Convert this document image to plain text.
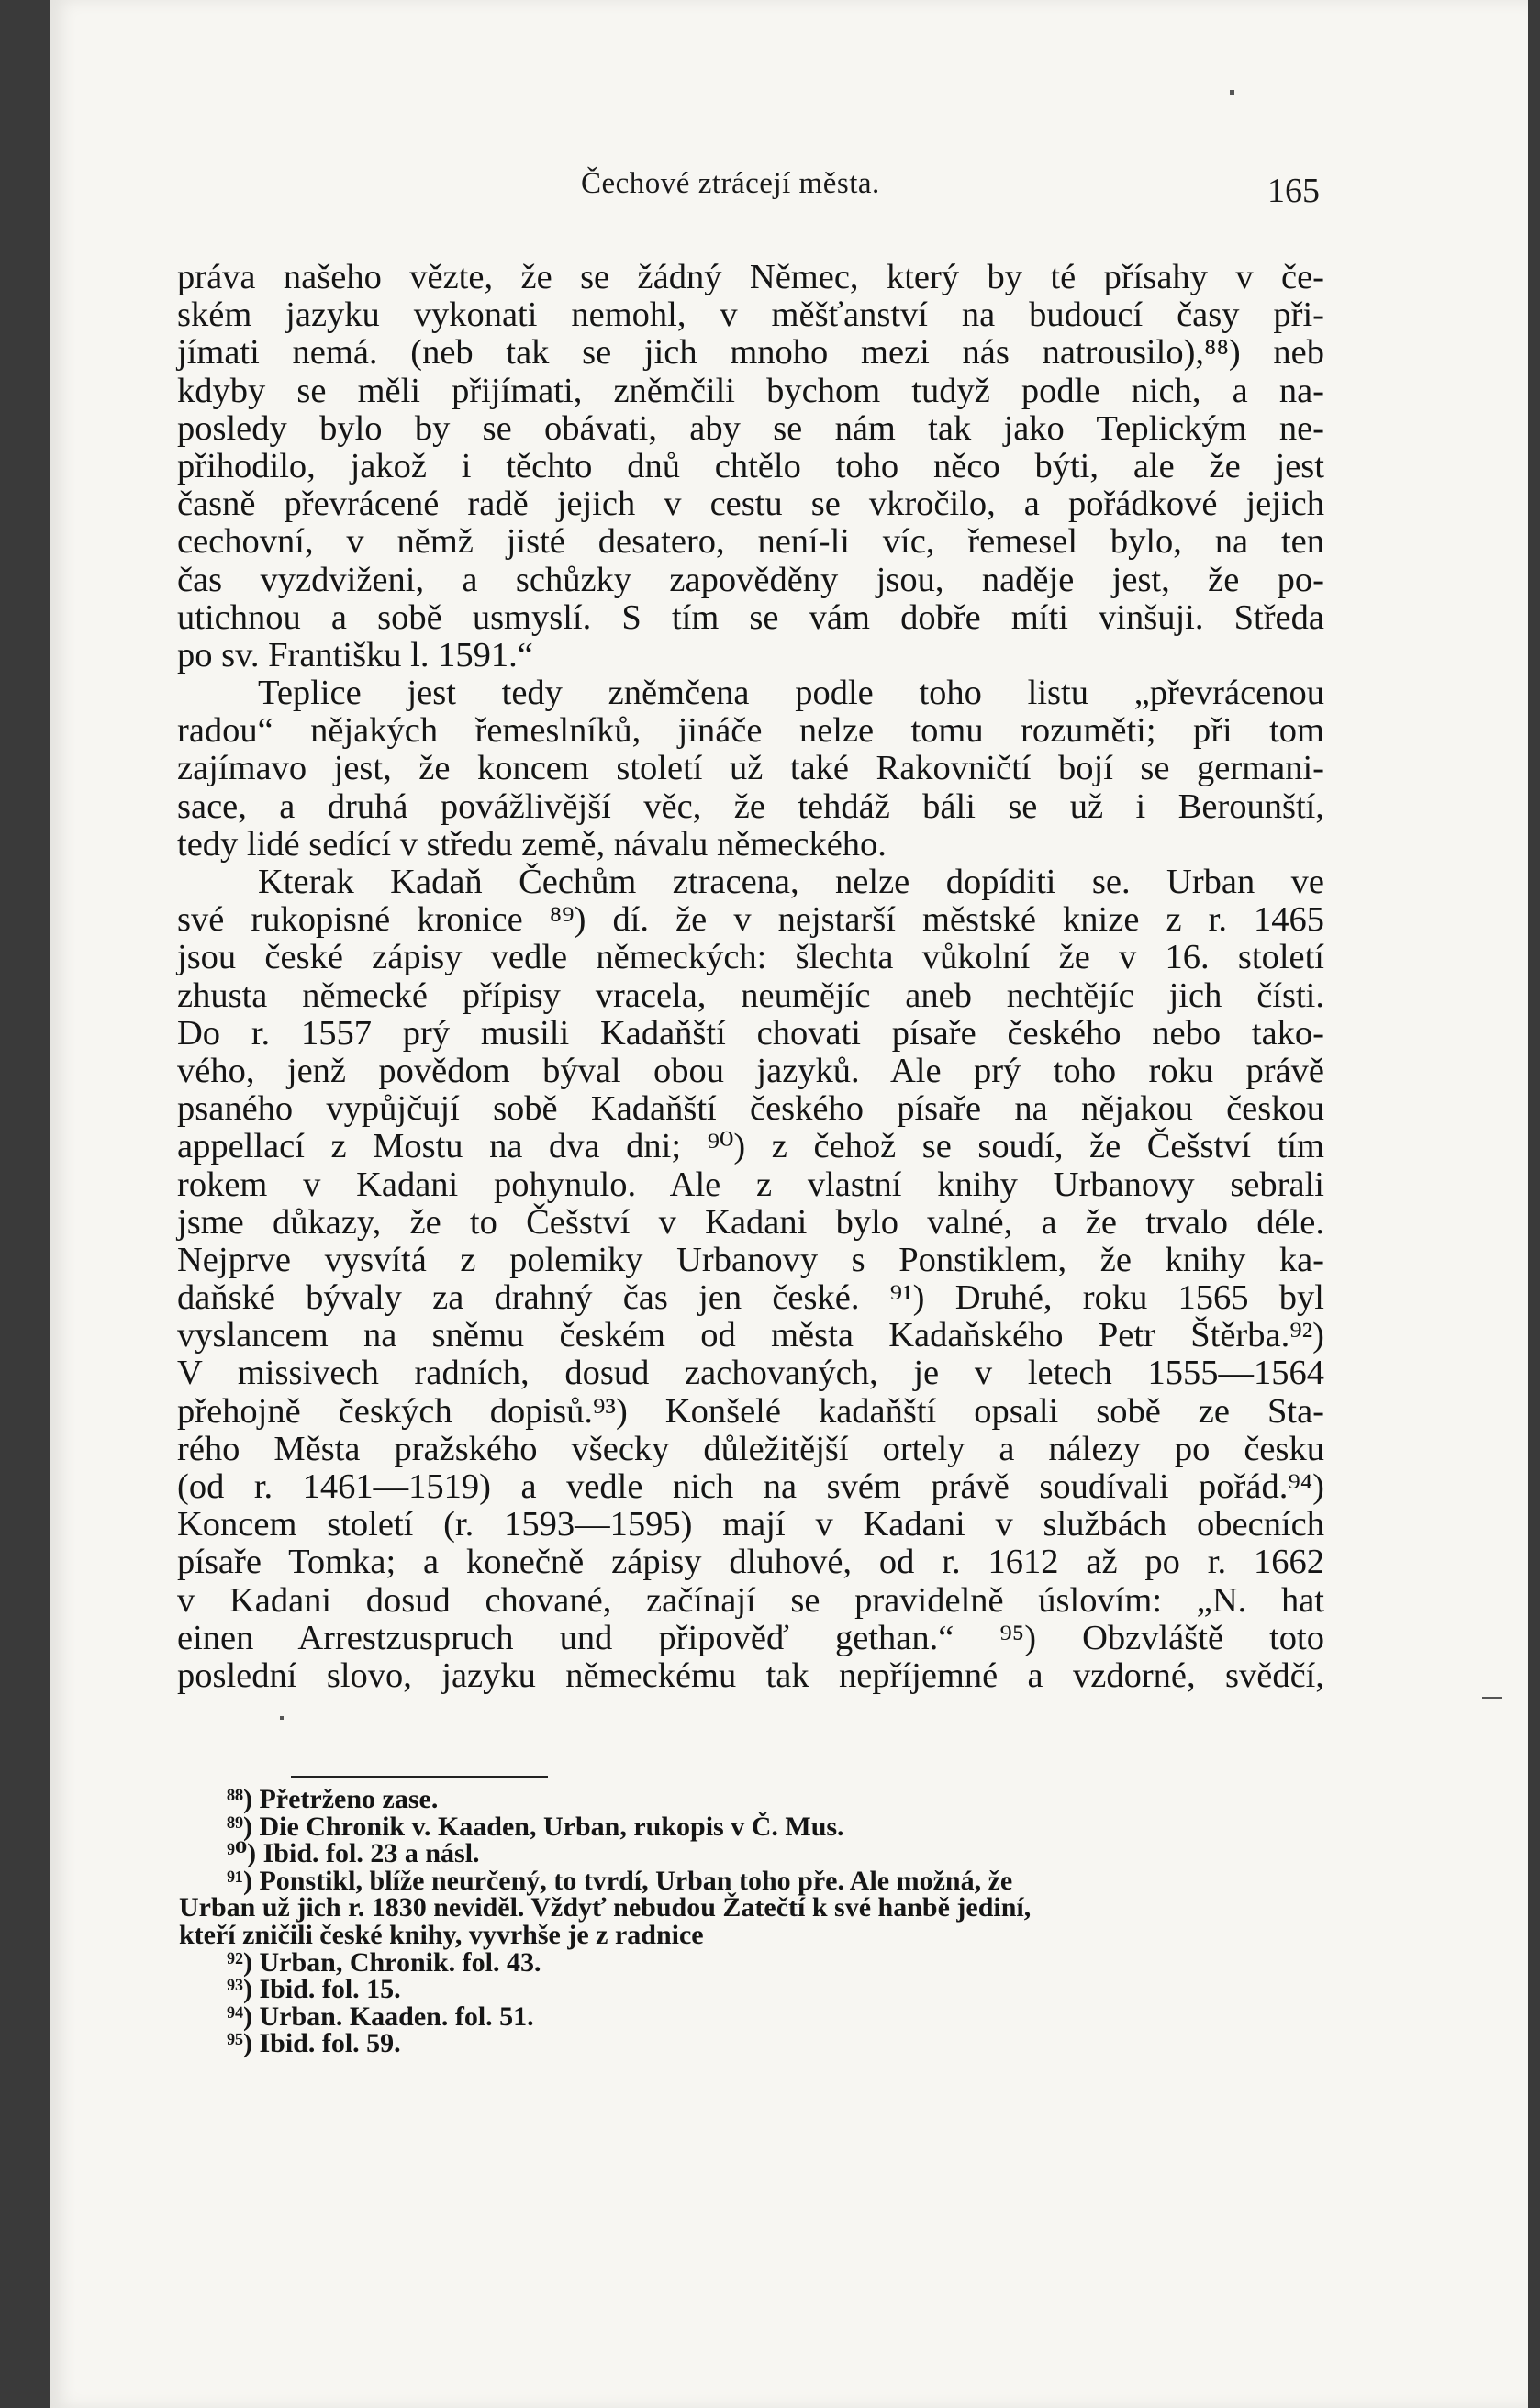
Čechové ztrácejí města.	165
práva našeho vězte, že se žádný Němec, který by té přísahy v če-
ském jazyku vykonati nemohl, v měšťanství na budoucí časy při-
jímati nemá. (neb tak se jich mnoho mezi nás natrousilo),⁸⁸) neb
kdyby se měli přijímati, zněmčili bychom tudyž podle nich, a na-
posledy bylo by se obávati, aby se nám tak jako Teplickým ne-
přihodilo, jakož i těchto dnů chtělo toho něco býti, ale že jest
časně převrácené radě jejich v cestu se vkročilo, a pořádkové jejich
cechovní, v němž jisté desatero, není-li víc, řemesel bylo, na ten
čas vyzdviženi, a schůzky zapověděny jsou, naděje jest, že po-
utichnou a sobě usmyslí. S tím se vám dobře míti vinšuji. Středa
po sv. Františku l. 1591.“
Teplice jest tedy zněmčena podle toho listu „převrácenou
radou“ nějakých řemeslníků, jináče nelze tomu rozuměti; při tom
zajímavo jest, že koncem století už také Rakovničtí bojí se germani-
sace, a druhá povážlivější věc, že tehdáž báli se už i Berounští,
tedy lidé sedící v středu země, návalu německého.
Kterak Kadaň Čechům ztracena, nelze dopíditi se. Urban ve
své rukopisné kronice ⁸⁹) dí. že v nejstarší městské knize z r. 1465
jsou české zápisy vedle německých: šlechta vůkolní že v 16. století
zhusta německé přípisy vracela, neumějíc aneb nechtějíc jich čísti.
Do r. 1557 prý musili Kadaňští chovati písaře českého nebo tako-
vého, jenž povědom býval obou jazyků. Ale prý toho roku právě
psaného vypůjčují sobě Kadaňští českého písaře na nějakou českou
appellací z Mostu na dva dni; ⁹⁰) z čehož se soudí, že Češství tím
rokem v Kadani pohynulo. Ale z vlastní knihy Urbanovy sebrali
jsme důkazy, že to Češství v Kadani bylo valné, a že trvalo déle.
Nejprve vysvítá z polemiky Urbanovy s Ponstiklem, že knihy ka-
daňské bývaly za drahný čas jen české. ⁹¹) Druhé, roku 1565 byl
vyslancem na sněmu českém od města Kadaňského Petr Štěrba.⁹²)
V missivech radních, dosud zachovaných, je v letech 1555—1564
přehojně českých dopisů.⁹³) Konšelé kadaňští opsali sobě ze Sta-
rého Města pražského všecky důležitější ortely a nálezy po česku
(od r. 1461—1519) a vedle nich na svém právě soudívali pořád.⁹⁴)
Koncem století (r. 1593—1595) mají v Kadani v službách obecních
písaře Tomka; a konečně zápisy dluhové, od r. 1612 až po r. 1662
v Kadani dosud chované, začínají se pravidelně úslovím: „N. hat
einen Arrestzuspruch und připověď gethan.“ ⁹⁵) Obzvláště toto
poslední slovo, jazyku německému tak nepříjemné a vzdorné, svědčí,
⁸⁸) Přetrženo zase.
⁸⁹) Die Chronik v. Kaaden, Urban, rukopis v Č. Mus.
⁹⁰) Ibid. fol. 23 a násl.
⁹¹) Ponstikl, blíže neurčený, to tvrdí, Urban toho pře. Ale možná, že
Urban už jich r. 1830 neviděl. Vždyť nebudou Žatečtí k své hanbě jediní,
kteří zničili české knihy, vyvrhše je z radnice
⁹²) Urban, Chronik. fol. 43.
⁹³) Ibid. fol. 15.
⁹⁴) Urban. Kaaden. fol. 51.
⁹⁵) Ibid. fol. 59.
